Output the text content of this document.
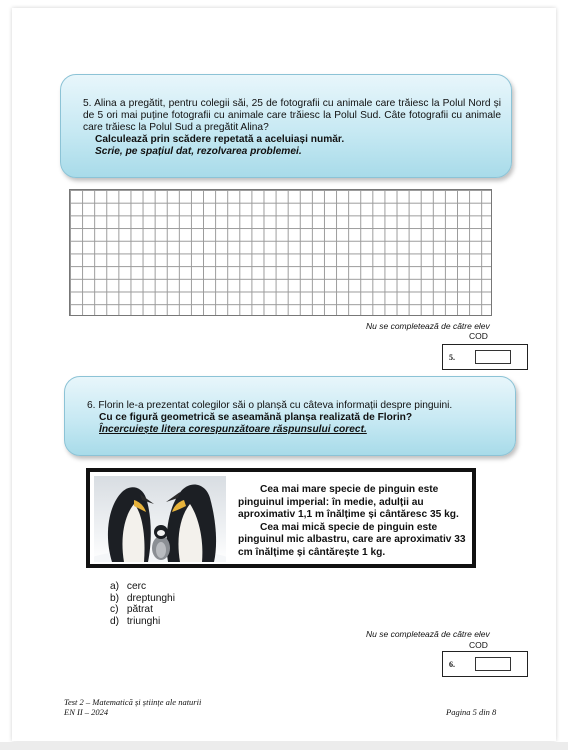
5. Alina a pregătit, pentru colegii săi, 25 de fotografii cu animale care trăiesc la Polul Nord și de 5 ori mai puține fotografii cu animale care trăiesc la Polul Sud. Câte fotografii cu animale care trăiesc la Polul Sud a pregătit Alina?
Calculează prin scădere repetată a aceluiași număr.
Scrie, pe spațiul dat, rezolvarea problemei.
Nu se completează de către elev
COD
5.
6. Florin le-a prezentat colegilor săi o planșă cu câteva informații despre pinguini.
Cu ce figură geometrică se aseamănă planșa realizată de Florin?
Încercuiește litera corespunzătoare răspunsului corect.

Cea mai mare specie de pinguin este pinguinul imperial: în medie, adulții au aproximativ 1,1 m înălțime și cântăresc 35 kg.

Cea mai mică specie de pinguin este pinguinul mic albastru, care are aproximativ 33 cm înălțime și cântărește 1 kg.

a) cerc
b) dreptunghi
c) pătrat
d) triunghi
Nu se completează de către elev
COD
6.
Test 2 – Matematică și științe ale naturii
EN II – 2024	Pagina 5 din 8
